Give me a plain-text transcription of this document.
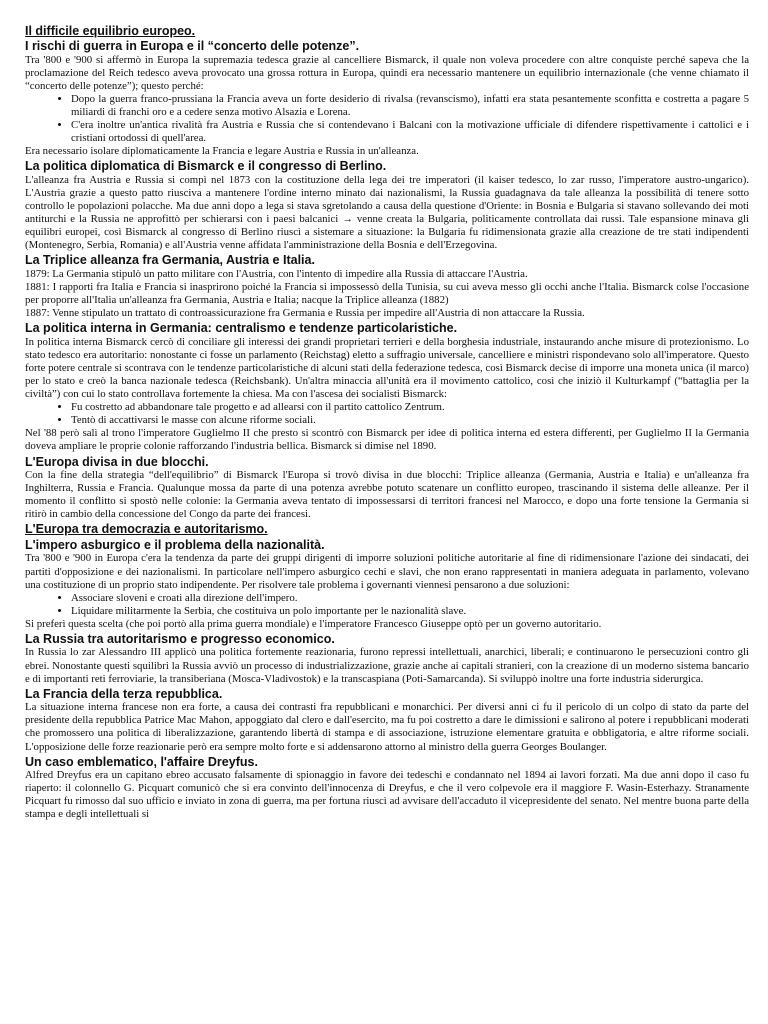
Il difficile equilibrio europeo.
I rischi di guerra in Europa e il “concerto delle potenze”.
Tra '800 e '900 si affermò in Europa la supremazia tedesca grazie al cancelliere Bismarck, il quale non voleva procedere con altre conquiste perché sapeva che la proclamazione del Reich tedesco aveva provocato una grossa rottura in Europa, quindi era necessario mantenere un equilibrio internazionale (che venne chiamato il “concerto delle potenze”); questo perché:
• Dopo la guerra franco-prussiana la Francia aveva un forte desiderio di rivalsa (revanscismo), infatti era stata pesantemente sconfitta e costretta a pagare 5 miliardi di franchi oro e a cedere senza motivo Alsazia e Lorena.
• C'era inoltre un'antica rivalità fra Austria e Russia che si contendevano i Balcani con la motivazione ufficiale di difendere rispettivamente i cattolici e i cristiani ortodossi di quell'area.
Era necessario isolare diplomaticamente la Francia e legare Austria e Russia in un'alleanza.
La politica diplomatica di Bismarck e il congresso di Berlino.
L'alleanza fra Austria e Russia si compì nel 1873 con la costituzione della lega dei tre imperatori (il kaiser tedesco, lo zar russo, l'imperatore austro-ungarico). L'Austria grazie a questo patto riusciva a mantenere l'ordine interno minato dai nazionalismi, la Russia guadagnava da tale alleanza la possibilità di tenere sotto controllo le popolazioni polacche. Ma due anni dopo a lega si stava sgretolando a causa della questione d'Oriente: in Bosnia e Bulgaria si stavano sollevando dei moti antiturchi e la Russia ne approfittò per schierarsi con i paesi balcanici → venne creata la Bulgaria, politicamente controllata dai russi. Tale espansione minava gli equilibri europei, così Bismarck al congresso di Berlino riuscì a sistemare a situazione: la Bulgaria fu ridimensionata grazie alla creazione de tre stati indipendenti (Montenegro, Serbia, Romania) e all'Austria venne affidata l'amministrazione della Bosnia e dell'Erzegovina.
La Triplice alleanza fra Germania, Austria e Italia.
1879: La Germania stipulò un patto militare con l'Austria, con l'intento di impedire alla Russia di attaccare l'Austria.
1881: I rapporti fra Italia e Francia si inasprirono poiché la Francia si impossessò della Tunisia, su cui aveva messo gli occhi anche l'Italia. Bismarck colse l'occasione per proporre all'Italia un'alleanza fra Germania, Austria e Italia; nacque la Triplice alleanza (1882)
1887: Venne stipulato un trattato di controassicurazione fra Germania e Russia per impedire all'Austria di non attaccare la Russia.
La politica interna in Germania: centralismo e tendenze particolaristiche.
In politica interna Bismarck cercò di conciliare gli interessi dei grandi proprietari terrieri e della borghesia industriale, instaurando anche misure di protezionismo. Lo stato tedesco era autoritario: nonostante ci fosse un parlamento (Reichstag) eletto a suffragio universale, cancelliere e ministri rispondevano solo all'imperatore. Questo forte potere centrale si scontrava con le tendenze particolaristiche di alcuni stati della federazione tedesca, così Bismarck decise di imporre una moneta unica (il marco) per lo stato e creò la banca nazionale tedesca (Reichsbank). Un'altra minaccia all'unità era il movimento cattolico, così che iniziò il Kulturkampf (“battaglia per la civiltà”) con cui lo stato controllava fortemente la chiesa. Ma con l'ascesa dei socialisti Bismarck:
• Fu costretto ad abbandonare tale progetto e ad allearsi con il partito cattolico Zentrum.
• Tentò di accattivarsi le masse con alcune riforme sociali.
Nel '88 però salì al trono l'imperatore Guglielmo II che presto si scontrò con Bismarck per idee di politica interna ed estera differenti, per Guglielmo II la Germania doveva ampliare le proprie colonie rafforzando l'industria bellica. Bismarck si dimise nel 1890.
L'Europa divisa in due blocchi.
Con la fine della strategia “dell'equilibrio” di Bismarck l'Europa si trovò divisa in due blocchi: Triplice alleanza (Germania, Austria e Italia) e un'alleanza fra Inghilterra, Russia e Francia. Qualunque mossa da parte di una potenza avrebbe potuto scatenare un conflitto europeo, trascinando il sistema delle alleanze. Per il momento il conflitto si spostò nelle colonie: la Germania aveva tentato di impossessarsi di territori francesi nel Marocco, e dopo una forte tensione la Germania si ritirò in cambio della concessione del Congo da parte dei francesi.
L'Europa tra democrazia e autoritarismo.
L'impero asburgico e il problema della nazionalità.
Tra '800 e '900 in Europa c'era la tendenza da parte dei gruppi dirigenti di imporre soluzioni politiche autoritarie al fine di ridimensionare l'azione dei sindacati, dei partiti d'opposizione e dei nazionalismi. In particolare nell'impero asburgico cechi e slavi, che non erano rappresentati in maniera adeguata in parlamento, volevano una costituzione di un proprio stato indipendente. Per risolvere tale problema i governanti viennesi pensarono a due soluzioni:
• Associare sloveni e croati alla direzione dell'impero.
• Liquidare militarmente la Serbia, che costituiva un polo importante per le nazionalità slave.
Si preferì questa scelta (che poi portò alla prima guerra mondiale) e l'imperatore Francesco Giuseppe optò per un governo autoritario.
La Russia tra autoritarismo e progresso economico.
In Russia lo zar Alessandro III applicò una politica fortemente reazionaria, furono repressi intellettuali, anarchici, liberali; e continuarono le persecuzioni contro gli ebrei. Nonostante questi squilibri la Russia avviò un processo di industrializzazione, grazie anche ai capitali stranieri, con la creazione di un moderno sistema bancario e di importanti reti ferroviarie, la transiberiana (Mosca-Vladivostok) e la transcaspiana (Poti-Samarcanda). Si sviluppò inoltre una forte industria siderurgica.
La Francia della terza repubblica.
La situazione interna francese non era forte, a causa dei contrasti fra repubblicani e monarchici. Per diversi anni ci fu il pericolo di un colpo di stato da parte del presidente della repubblica Patrice Mac Mahon, appoggiato dal clero e dall'esercito, ma fu poi costretto a dare le dimissioni e salirono al potere i repubblicani moderati che promossero una politica di liberalizzazione, garantendo libertà di stampa e di associazione, istruzione elementare gratuita e obbligatoria, e altre riforme sociali. L'opposizione delle forze reazionarie però era sempre molto forte e si addensarono attorno al ministro della guerra Georges Boulanger.
Un caso emblematico, l'affaire Dreyfus.
Alfred Dreyfus era un capitano ebreo accusato falsamente di spionaggio in favore dei tedeschi e condannato nel 1894 ai lavori forzati. Ma due anni dopo il caso fu riaperto: il colonnello G. Picquart comunicò che si era convinto dell'innocenza di Dreyfus, e che il vero colpevole era il maggiore F. Wasin-Esterhazy. Stranamente Picquart fu rimosso dal suo ufficio e inviato in zona di guerra, ma per fortuna riuscì ad avvisare dell'accaduto il vicepresidente del senato. Nel mentre buona parte della stampa e degli intellettuali si
